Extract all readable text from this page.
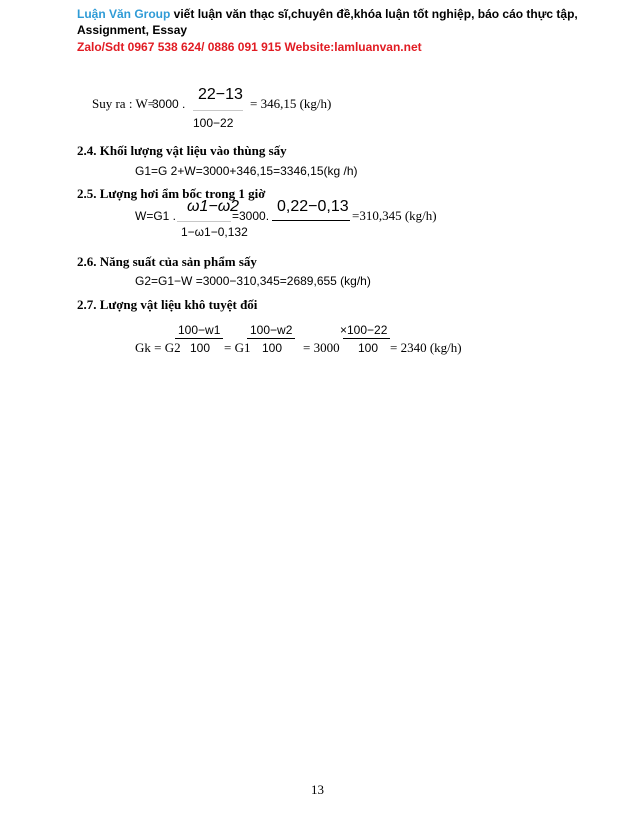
Luận Văn Group viết luận văn thạc sĩ,chuyên đề,khóa luận tốt nghiệp, báo cáo thực tập,
Assignment, Essay
Zalo/Sdt 0967 538 624/ 0886 091 915 Website:lamluanvan.net
Suy ra : W=
3000 .
22−13
100−22
= 346,15 (kg/h)
2.4. Khối lượng vật liệu vào thùng sấy
G1=G 2+W=3000+346,15=3346,15(kg /h)
2.5. Lượng hơi ẩm bốc trong 1 giờ
W=G1 .
ω1−ω2
1−ω1−0,132
=3000.
0,22−0,13
=310,345 (kg/h)
2.6. Năng suất của sản phẩm sấy
G2=G1−W =3000−310,345=2689,655 (kg/h)
2.7. Lượng vật liệu khô tuyệt đối
Gk = G2
100−w1
100 = G1
100−w2
100 = 3000
×100−22
100 = 2340 (kg/h)
13
